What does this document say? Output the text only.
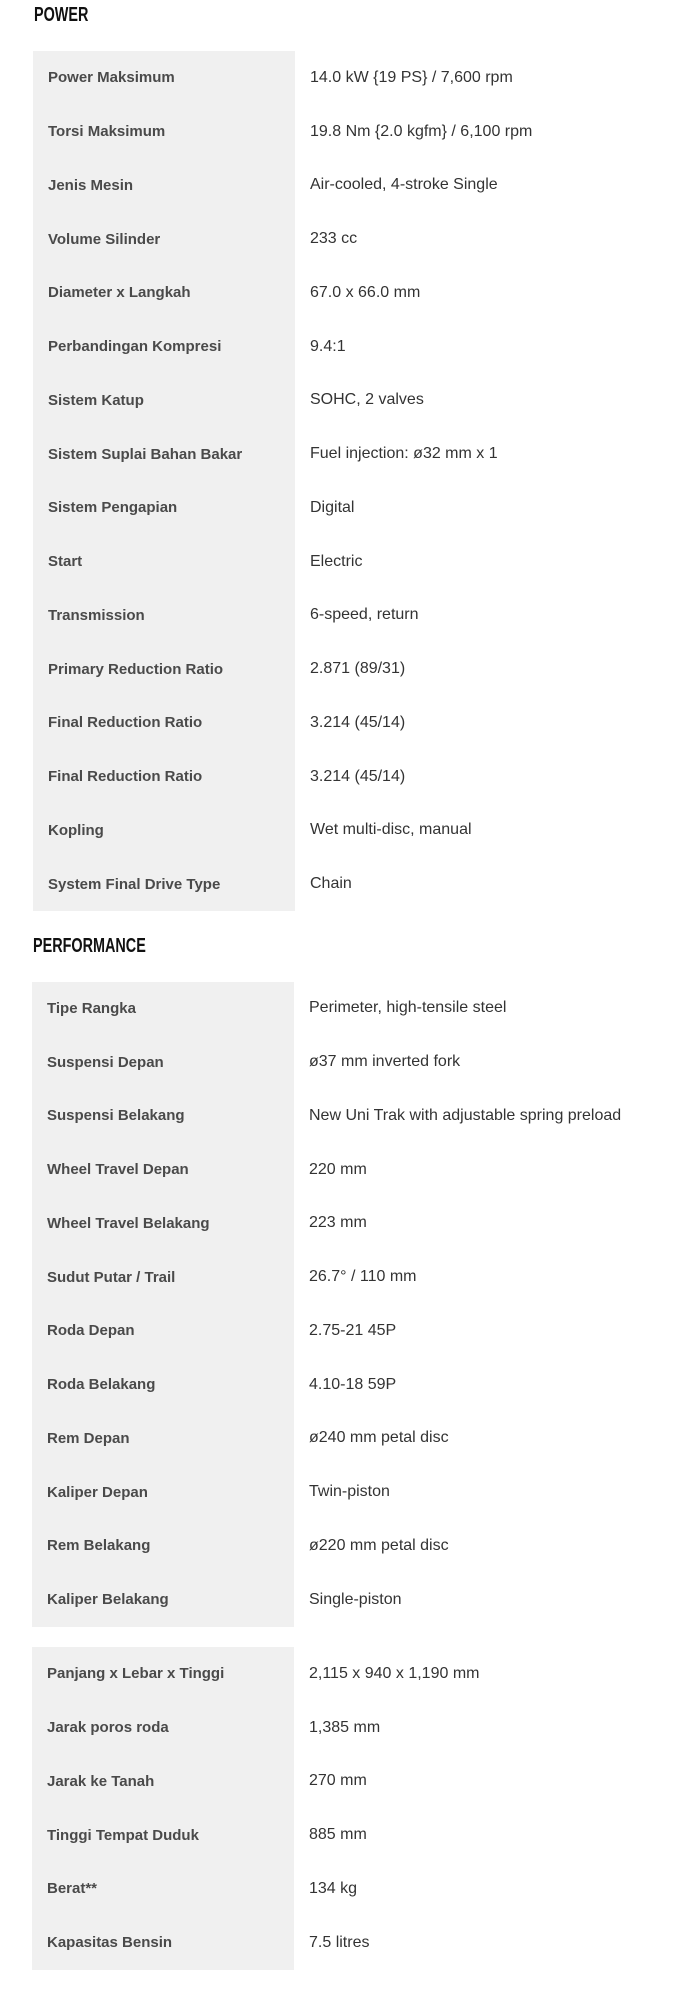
POWER
Power Maksimum	14.0 kW {19 PS} / 7,600 rpm
Torsi Maksimum	19.8 Nm {2.0 kgfm} / 6,100 rpm
Jenis Mesin	Air-cooled, 4-stroke Single
Volume Silinder	233 cc
Diameter x Langkah	67.0 x 66.0 mm
Perbandingan Kompresi	9.4:1
Sistem Katup	SOHC, 2 valves
Sistem Suplai Bahan Bakar	Fuel injection: ø32 mm x 1
Sistem Pengapian	Digital
Start	Electric
Transmission	6-speed, return
Primary Reduction Ratio	2.871 (89/31)
Final Reduction Ratio	3.214 (45/14)
Final Reduction Ratio	3.214 (45/14)
Kopling	Wet multi-disc, manual
System Final Drive Type	Chain
PERFORMANCE
Tipe Rangka	Perimeter, high-tensile steel
Suspensi Depan	ø37 mm inverted fork
Suspensi Belakang	New Uni Trak with adjustable spring preload
Wheel Travel Depan	220 mm
Wheel Travel Belakang	223 mm
Sudut Putar / Trail	26.7° / 110 mm
Roda Depan	2.75-21 45P
Roda Belakang	4.10-18 59P
Rem Depan	ø240 mm petal disc
Kaliper Depan	Twin-piston
Rem Belakang	ø220 mm petal disc
Kaliper Belakang	Single-piston
Panjang x Lebar x Tinggi	2,115 x 940 x 1,190 mm
Jarak poros roda	1,385 mm
Jarak ke Tanah	270 mm
Tinggi Tempat Duduk	885 mm
Berat**	134 kg
Kapasitas Bensin	7.5 litres
